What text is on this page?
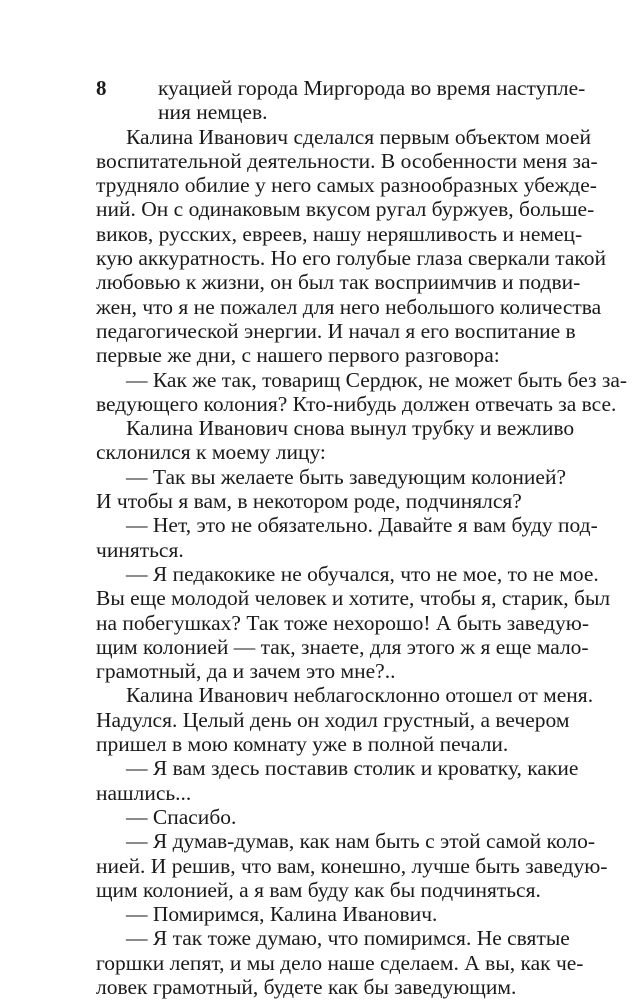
8	куацией города Миргорода во время наступле-
ния немцев.
Калина Иванович сделался первым объектом моей
воспитательной деятельности. В особенности меня за-
трудняло обилие у него самых разнообразных убежде-
ний. Он с одинаковым вкусом ругал буржуев, больше-
виков, русских, евреев, нашу неряшливость и немец-
кую аккуратность. Но его голубые глаза сверкали такой
любовью к жизни, он был так восприимчив и подви-
жен, что я не пожалел для него небольшого количества
педагогической энергии. И начал я его воспитание в
первые же дни, с нашего первого разговора:
— Как же так, товарищ Сердюк, не может быть без за-
ведующего колония? Кто-нибудь должен отвечать за все.
Калина Иванович снова вынул трубку и вежливо
склонился к моему лицу:
— Так вы желаете быть заведующим колонией?
И чтобы я вам, в некотором роде, подчинялся?
— Нет, это не обязательно. Давайте я вам буду под-
чиняться.
— Я педакокике не обучался, что не мое, то не мое.
Вы еще молодой человек и хотите, чтобы я, старик, был
на побегушках? Так тоже нехорошо! А быть заведую-
щим колонией — так, знаете, для этого ж я еще мало-
грамотный, да и зачем это мне?..
Калина Иванович неблагосклонно отошел от меня.
Надулся. Целый день он ходил грустный, а вечером
пришел в мою комнату уже в полной печали.
— Я вам здесь поставив столик и кроватку, какие
нашлись...
— Спасибо.
— Я думав-думав, как нам быть с этой самой коло-
нией. И решив, что вам, конешно, лучше быть заведую-
щим колонией, а я вам буду как бы подчиняться.
— Помиримся, Калина Иванович.
— Я так тоже думаю, что помиримся. Не святые
горшки лепят, и мы дело наше сделаем. А вы, как че-
ловек грамотный, будете как бы заведующим.
